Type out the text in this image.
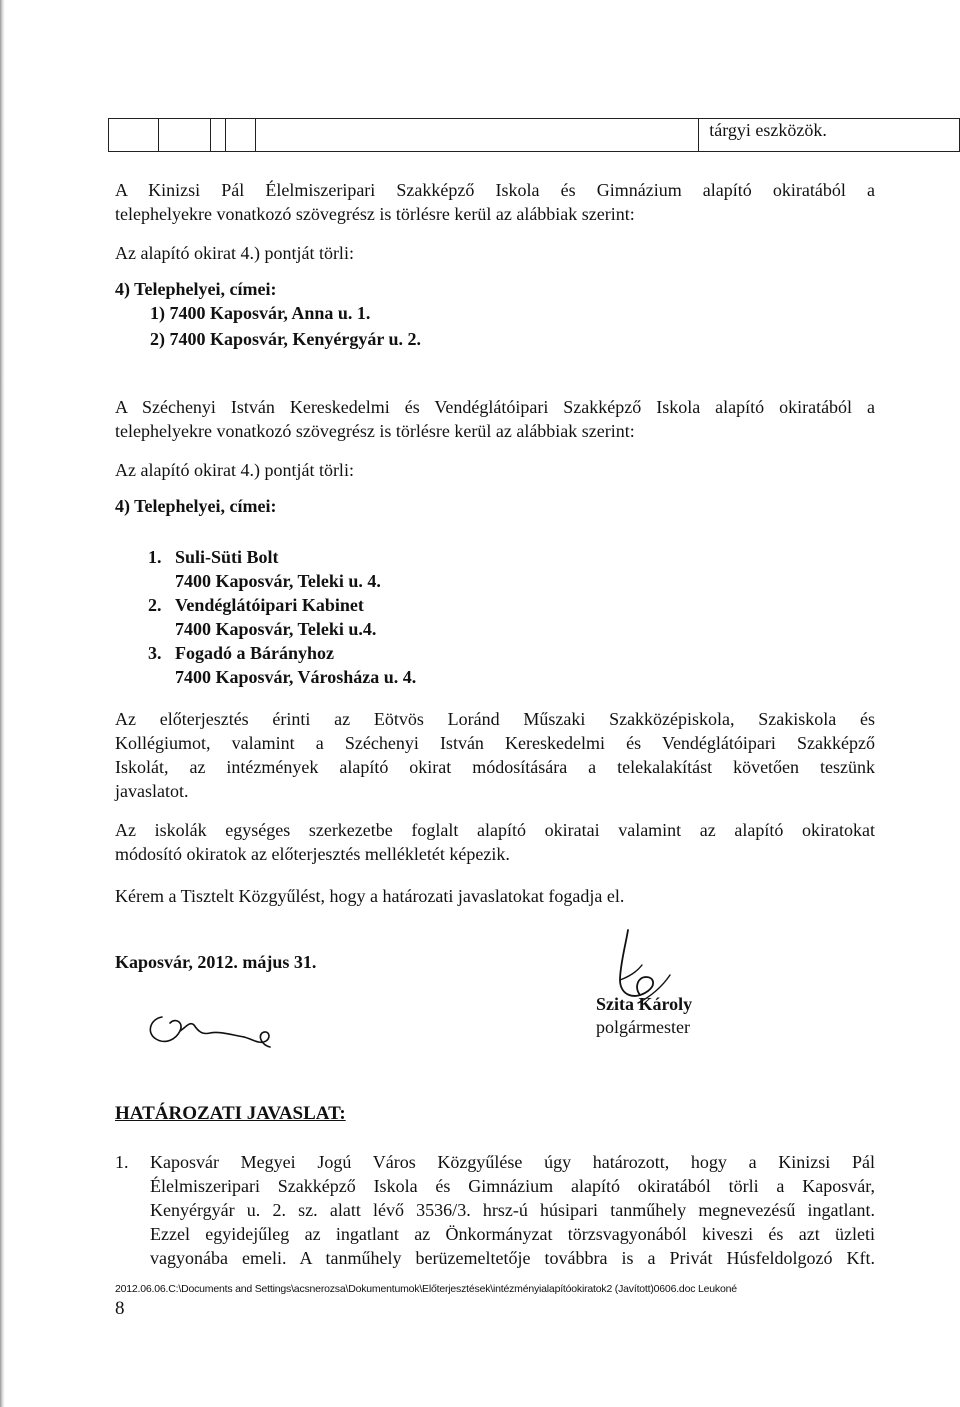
					tárgyi eszközök.
A Kinizsi Pál Élelmiszeripari Szakképző Iskola és Gimnázium alapító okiratából a
telephelyekre vonatkozó szövegrész is törlésre kerül az alábbiak szerint:
Az alapító okirat 4.) pontját törli:
4) Telephelyei, címei:
1) 7400 Kaposvár, Anna u. 1.
2) 7400 Kaposvár, Kenyérgyár u. 2.
A Széchenyi István Kereskedelmi és Vendéglátóipari Szakképző Iskola alapító okiratából a
telephelyekre vonatkozó szövegrész is törlésre kerül az alábbiak szerint:
Az alapító okirat 4.) pontját törli:
4) Telephelyei, címei:
1. Suli-Süti Bolt
7400 Kaposvár, Teleki u. 4.
2. Vendéglátóipari Kabinet
7400 Kaposvár, Teleki u.4.
3. Fogadó a Bárányhoz
7400 Kaposvár, Városháza u. 4.
Az előterjesztés érinti az Eötvös Loránd Műszaki Szakközépiskola, Szakiskola és
Kollégiumot, valamint a Széchenyi István Kereskedelmi és Vendéglátóipari Szakképző
Iskolát, az intézmények alapító okirat módosítására a telekalakítást követően teszünk
javaslatot.
Az iskolák egységes szerkezetbe foglalt alapító okiratai valamint az alapító okiratokat
módosító okiratok az előterjesztés mellékletét képezik.
Kérem a Tisztelt Közgyűlést, hogy a határozati javaslatokat fogadja el.
Kaposvár, 2012. május 31.
Szita Károly
polgármester
HATÁROZATI JAVASLAT:
1. Kaposvár Megyei Jogú Város Közgyűlése úgy határozott, hogy a Kinizsi Pál
Élelmiszeripari Szakképző Iskola és Gimnázium alapító okiratából törli a Kaposvár,
Kenyérgyár u. 2. sz. alatt lévő 3536/3. hrsz-ú húsipari tanműhely megnevezésű ingatlant.
Ezzel egyidejűleg az ingatlant az Önkormányzat törzsvagyonából kiveszi és azt üzleti
vagyonába emeli. A tanműhely berüzemeltetője továbbra is a Privát Húsfeldolgozó Kft.
2012.06.06.C:\Documents and Settings\acsnerozsa\Dokumentumok\Előterjesztések\intézményialapítóokiratok2 (Javított)0606.doc Leukoné
8
